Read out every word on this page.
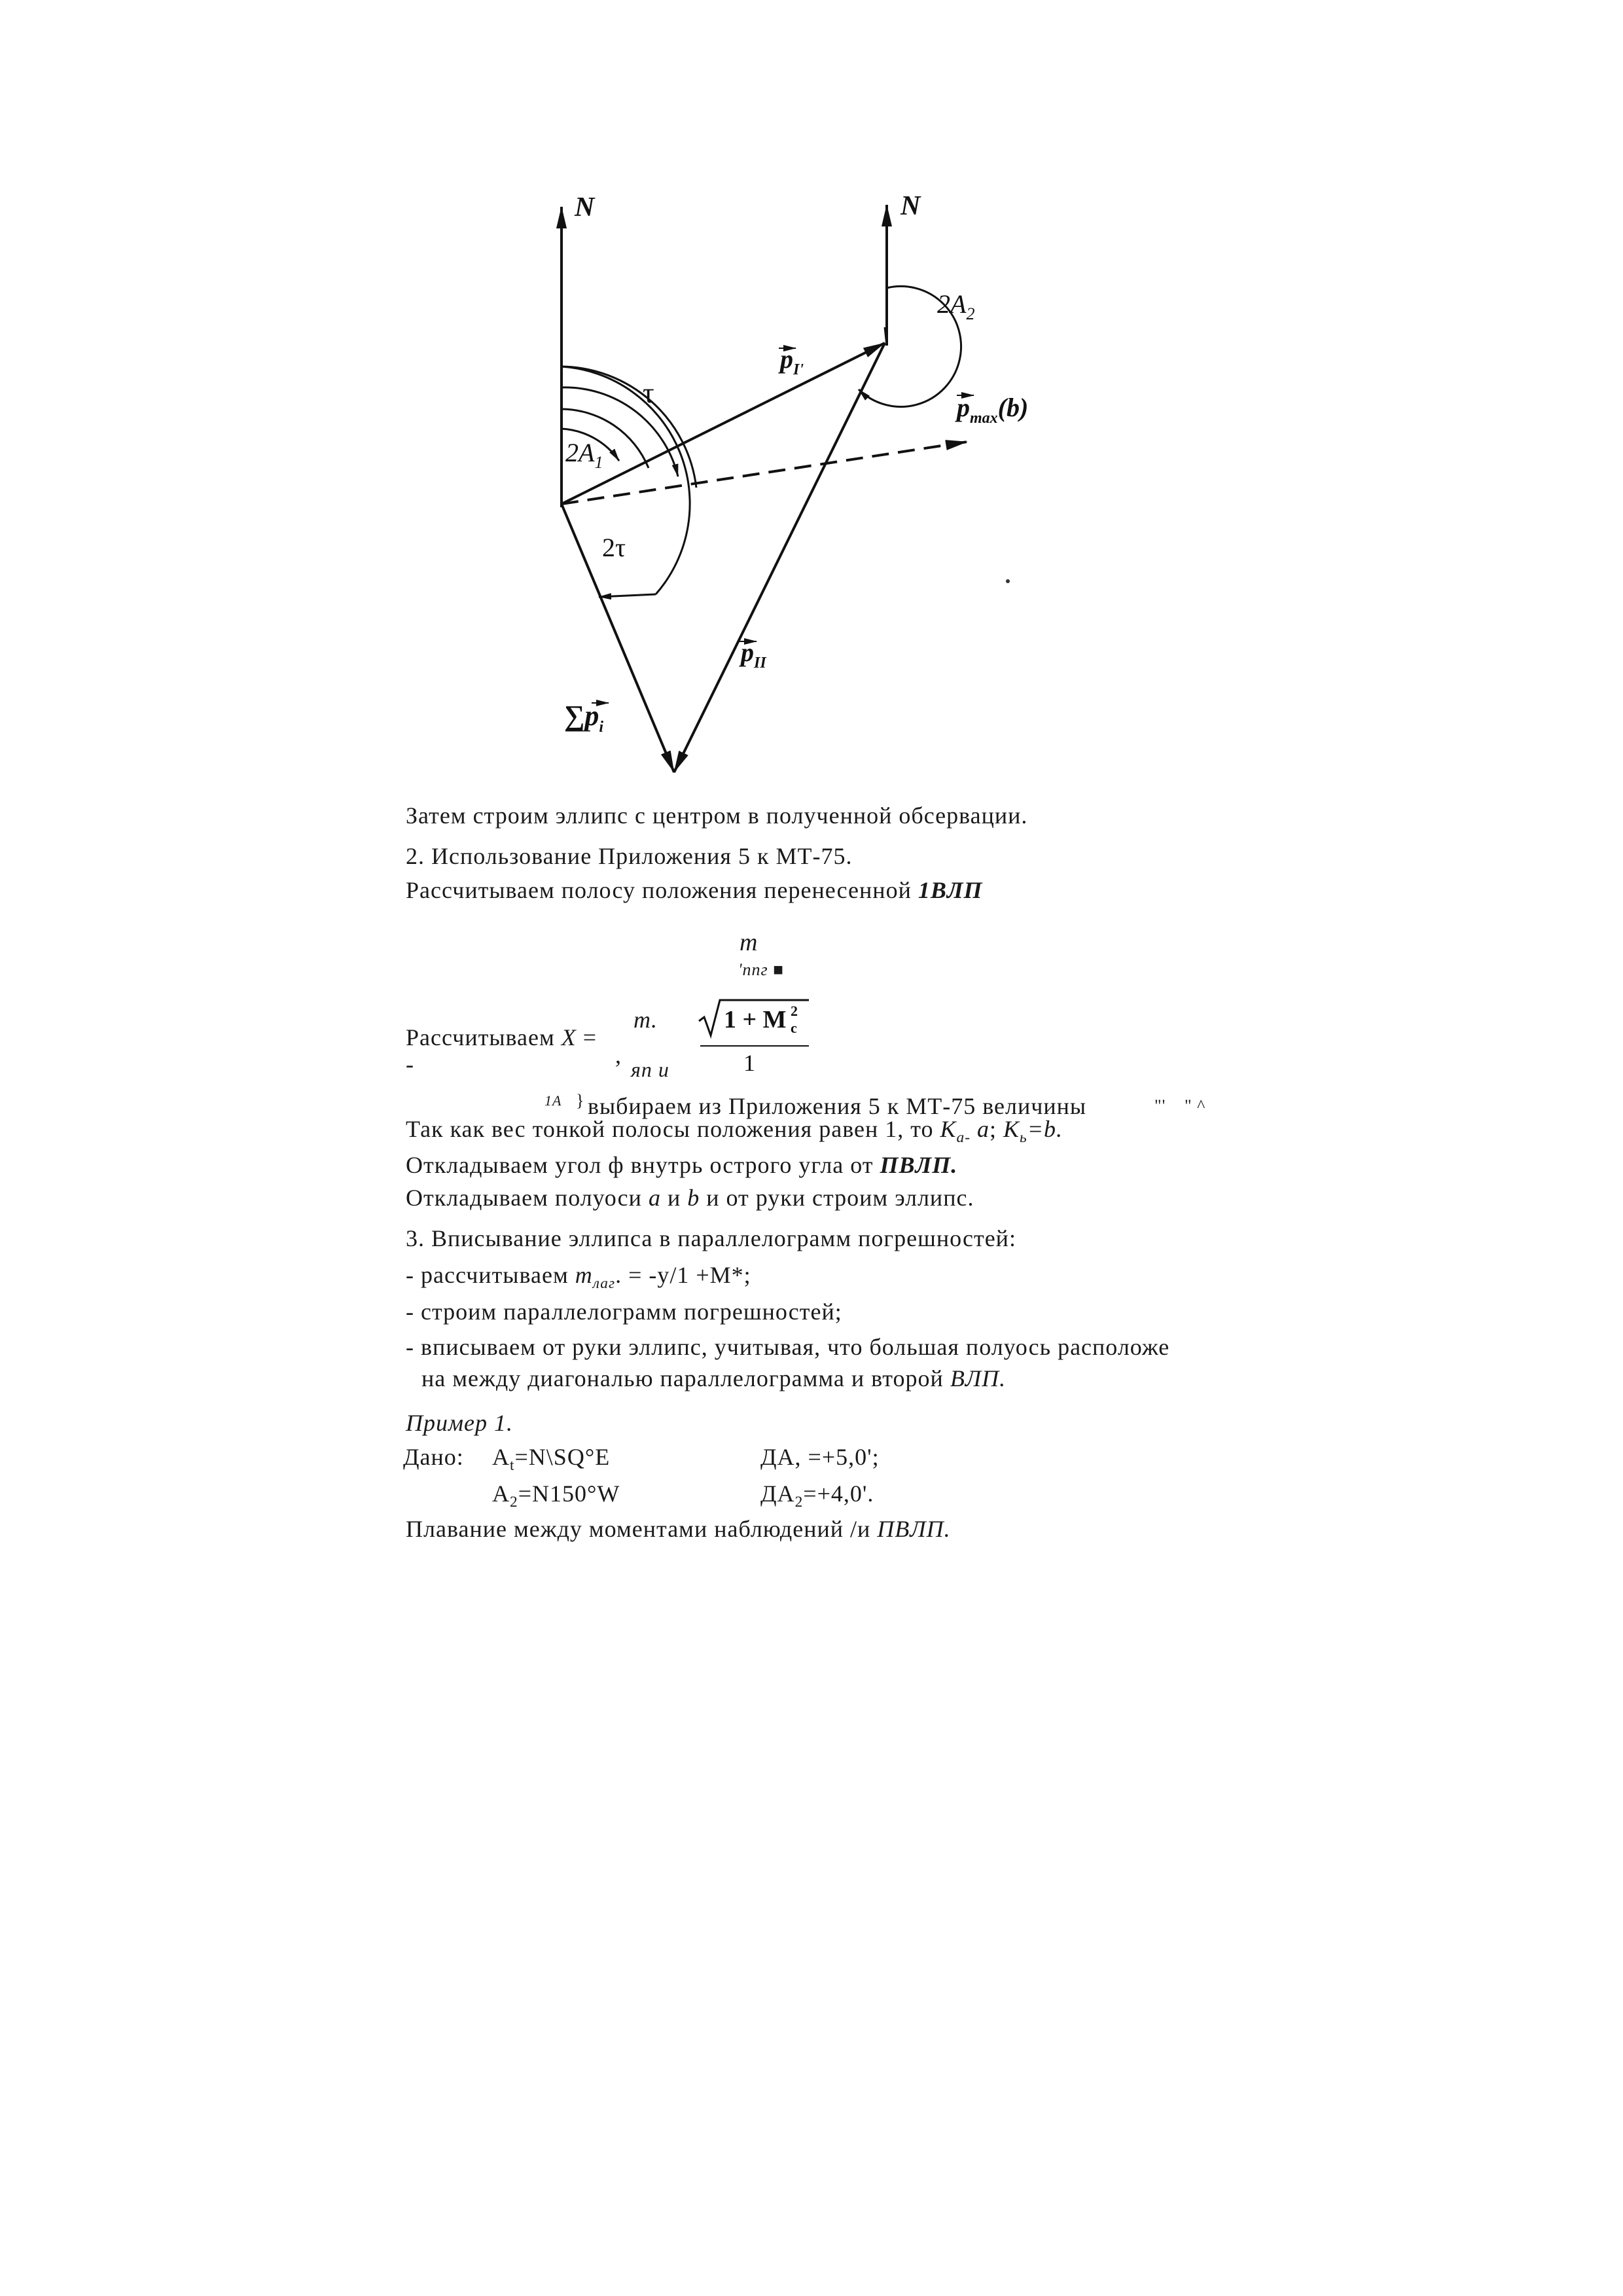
N	N
$2A_2$
$p_{I'}$
$p_{max}(b)$
τ
$2A_1$
2τ
$p_{II}$
$\sum p_i$
Затем строим эллипс с центром в полученной обсервации.
2. Использование Приложения 5 к МТ-75.
Рассчитываем полосу положения перенесенной 1ВЛП
m
'ппг ■
Рассчитываем X =
m.
,
яп и
1 + M 2
c
1
-
1А } выбираем из Приложения 5 к МТ-75 величины	"' " ^
Так как вес тонкой полосы положения равен 1, то $K_{a-}$ a; $K_ь=b$.
Откладываем угол ф внутрь острого угла от ПВЛП.
Откладываем полуоси a и b и от руки строим эллипс.
3. Вписывание эллипса в параллелограмм погрешностей:
- рассчитываем $m_{лаг}$. = -у/1 +М*;
- строим параллелограмм погрешностей;
- вписываем от руки эллипс, учитывая, что большая полуось расположе
на между диагональю параллелограмма и второй ВЛП.
Пример 1.
Дано: $A_t=N\backslash SQ^\circ E$	ДА, =+5,0';
$A_2=N150^\circ W$	$ДА_2=+4,0'$.
Плавание между моментами наблюдений /и ПВЛП.
